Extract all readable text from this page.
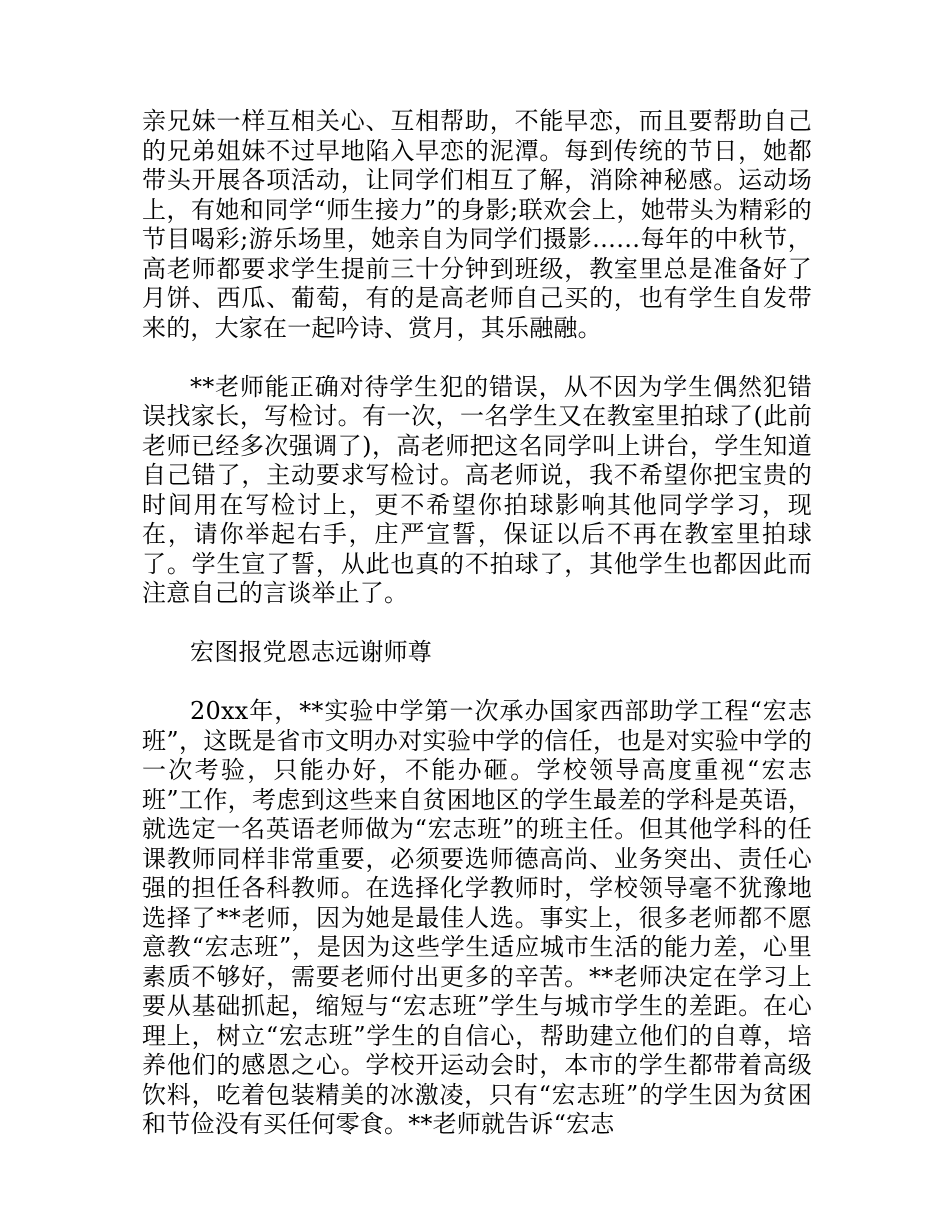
亲兄妹一样互相关心、互相帮助，不能早恋，而且要帮助自己的兄弟姐妹不过早地陷入早恋的泥潭。每到传统的节日，她都带头开展各项活动，让同学们相互了解，消除神秘感。运动场上，有她和同学“师生接力”的身影;联欢会上，她带头为精彩的节目喝彩;游乐场里，她亲自为同学们摄影……每年的中秋节，高老师都要求学生提前三十分钟到班级，教室里总是准备好了月饼、西瓜、葡萄，有的是高老师自己买的，也有学生自发带来的，大家在一起吟诗、赏月，其乐融融。

**老师能正确对待学生犯的错误，从不因为学生偶然犯错误找家长，写检讨。有一次，一名学生又在教室里拍球了(此前老师已经多次强调了)，高老师把这名同学叫上讲台，学生知道自己错了，主动要求写检讨。高老师说，我不希望你把宝贵的时间用在写检讨上，更不希望你拍球影响其他同学学习，现在，请你举起右手，庄严宣誓，保证以后不再在教室里拍球了。学生宣了誓，从此也真的不拍球了，其他学生也都因此而注意自己的言谈举止了。

宏图报党恩志远谢师尊

20xx年，**实验中学第一次承办国家西部助学工程“宏志班”，这既是省市文明办对实验中学的信任，也是对实验中学的一次考验，只能办好，不能办砸。学校领导高度重视“宏志班”工作，考虑到这些来自贫困地区的学生最差的学科是英语，就选定一名英语老师做为“宏志班”的班主任。但其他学科的任课教师同样非常重要，必须要选师德高尚、业务突出、责任心强的担任各科教师。在选择化学教师时，学校领导毫不犹豫地选择了**老师，因为她是最佳人选。事实上，很多老师都不愿意教“宏志班”，是因为这些学生适应城市生活的能力差，心里素质不够好，需要老师付出更多的辛苦。**老师决定在学习上要从基础抓起，缩短与“宏志班”学生与城市学生的差距。在心理上，树立“宏志班”学生的自信心，帮助建立他们的自尊，培养他们的感恩之心。学校开运动会时，本市的学生都带着高级饮料，吃着包装精美的冰激凌，只有“宏志班”的学生因为贫困和节俭没有买任何零食。**老师就告诉“宏志
